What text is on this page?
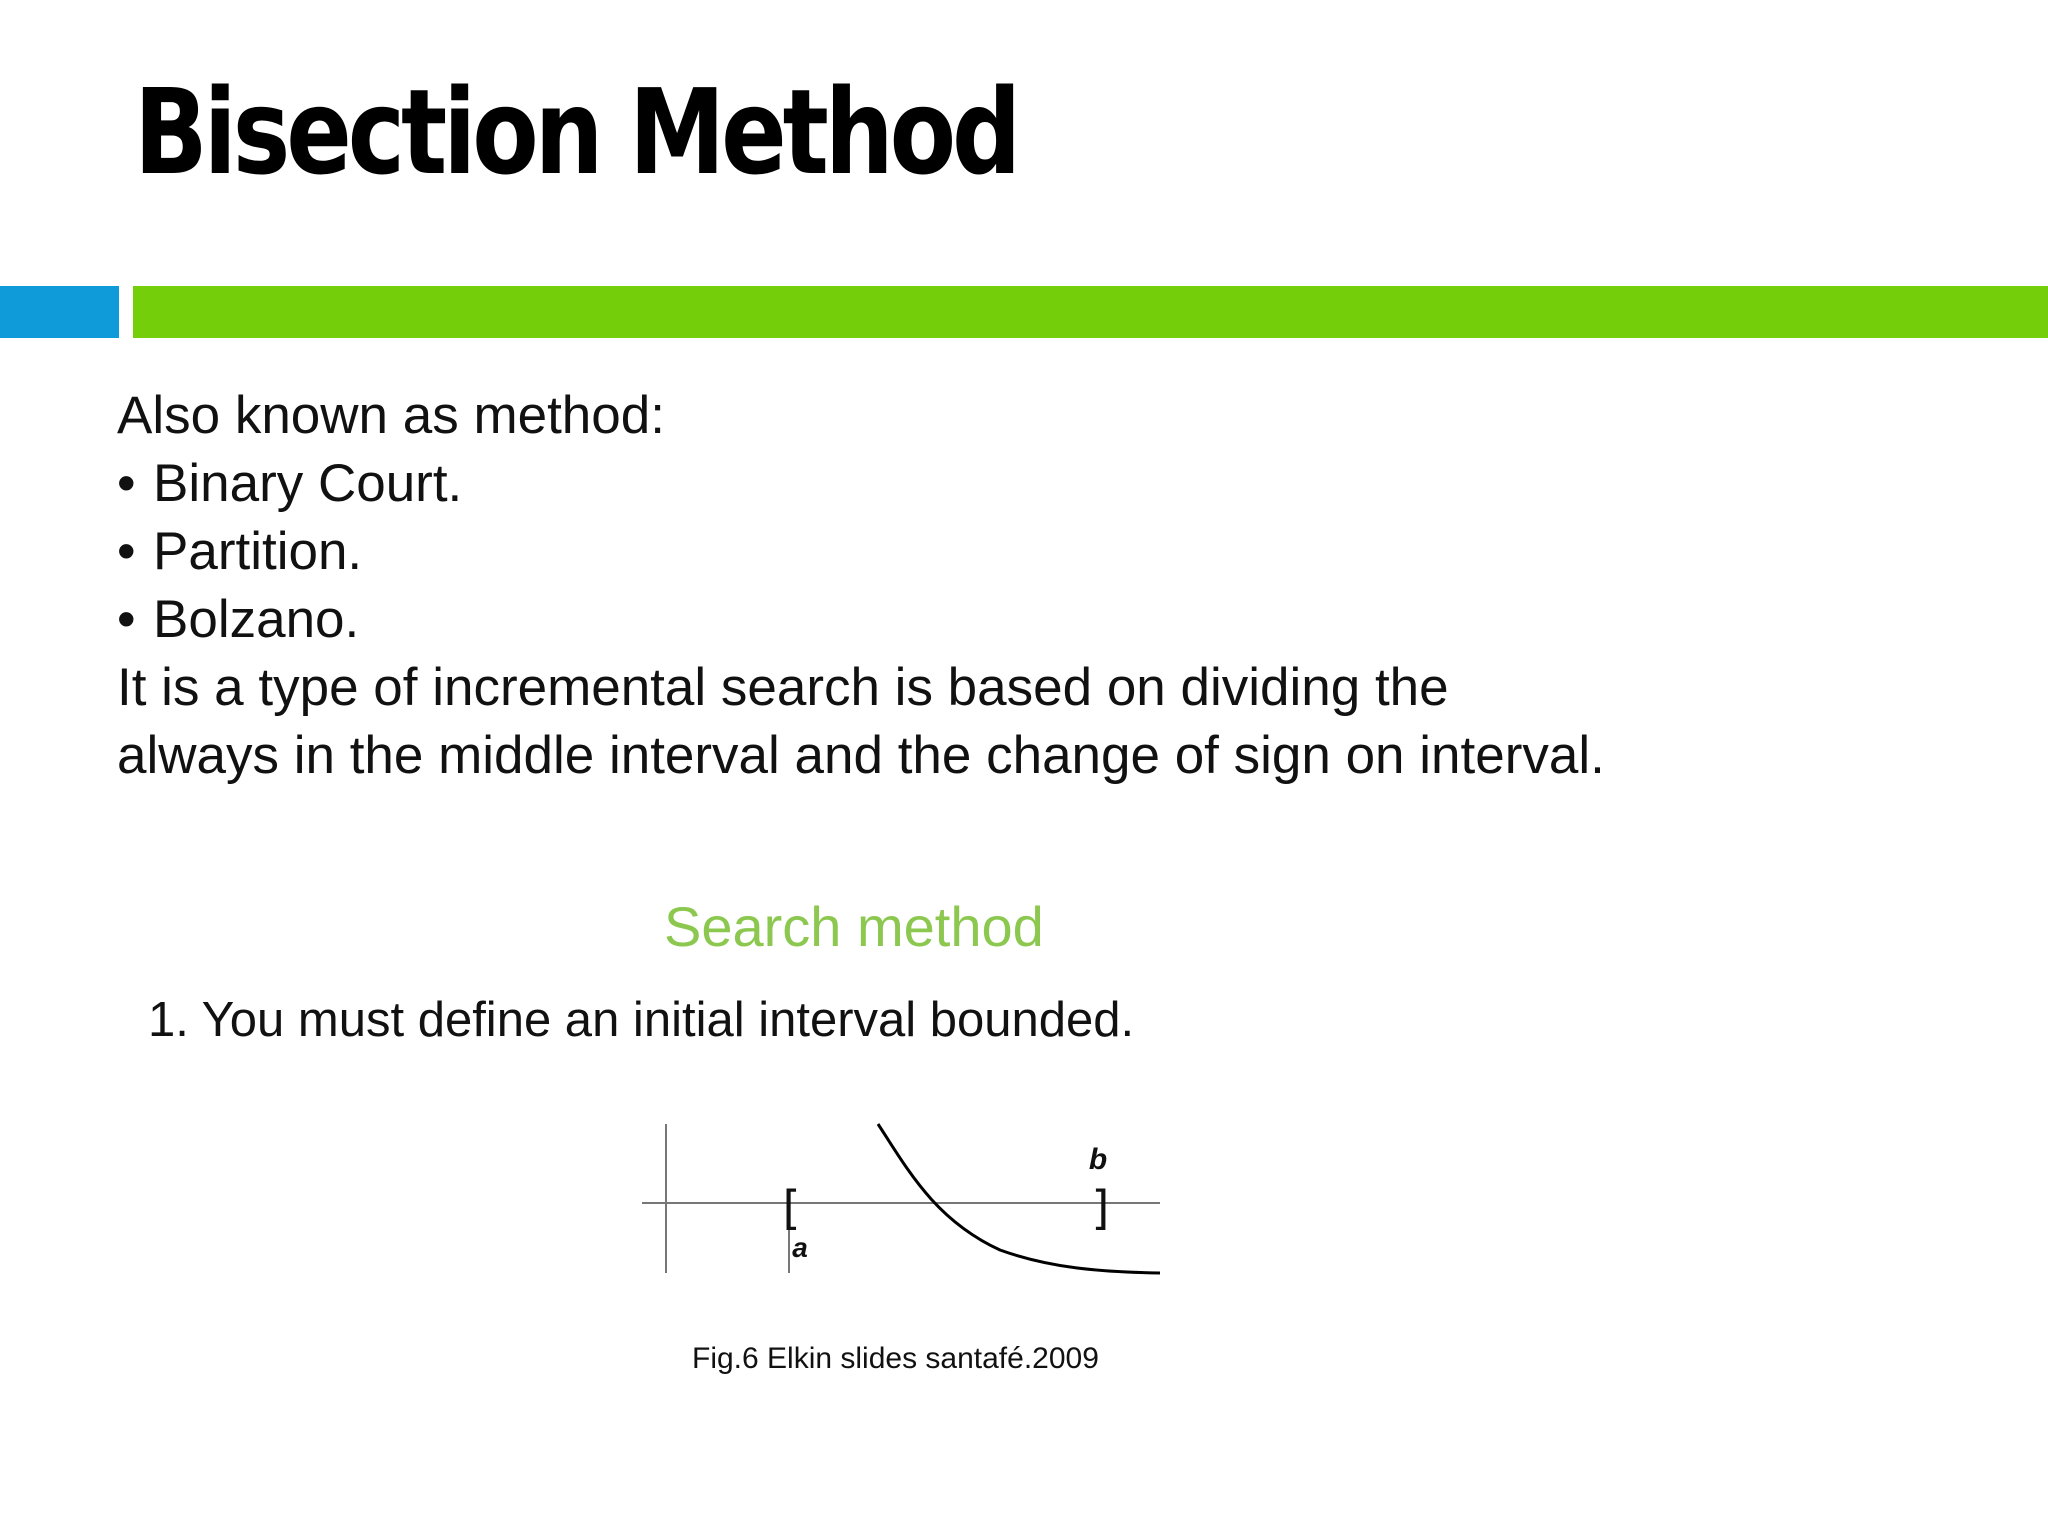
Bisection Method

Also known as method:

• Binary Court.
• Partition.
• Bolzano.

It is a type of incremental search is based on dividing the always in the middle interval and the change of sign on interval.

Search method
1. You must define an initial interval bounded.
[	]
a
b
Fig.6 Elkin slides santafé.2009
